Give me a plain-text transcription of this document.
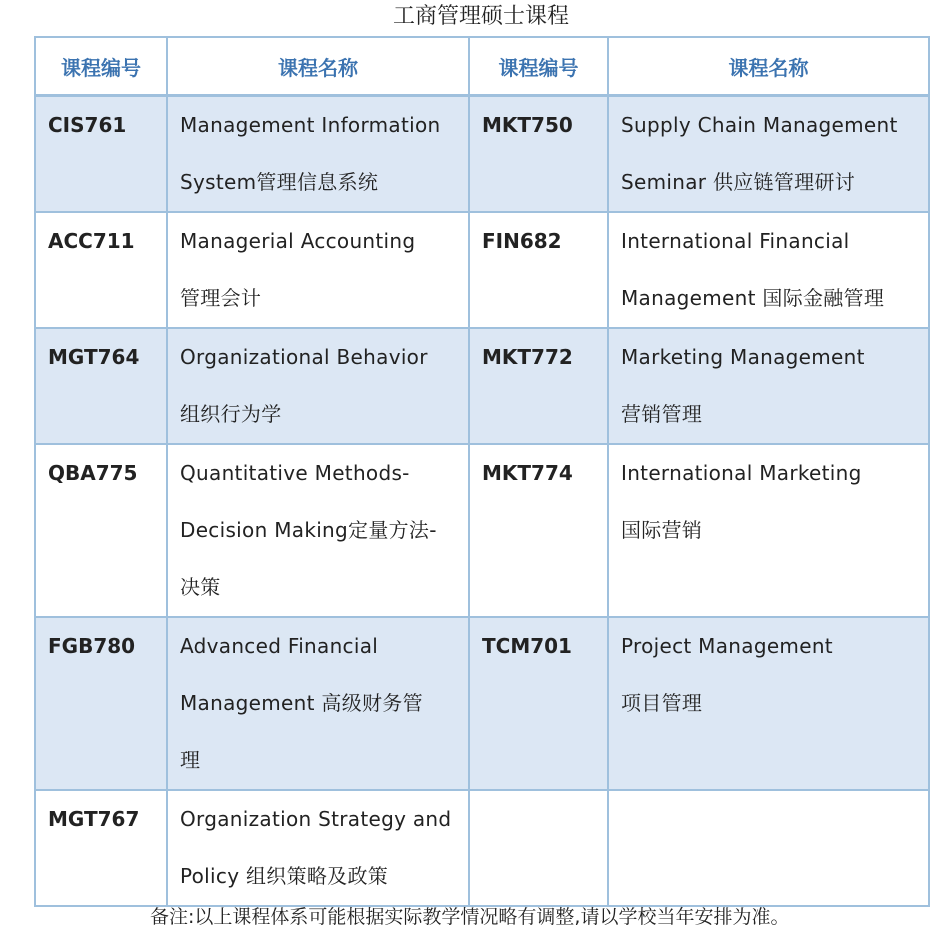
工商管理硕士课程
课程编号	课程名称	课程编号	课程名称
CIS761	Management Information
System管理信息系统	MKT750	Supply Chain Management
Seminar 供应链管理研讨

ACC711	Managerial Accounting
管理会计	FIN682	International Financial
Management 国际金融管理

MGT764	Organizational Behavior
组织行为学	MKT772	Marketing Management
营销管理

QBA775	Quantitative Methods-
Decision Making定量方法-
决策	MKT774	International Marketing
国际营销

FGB780	Advanced Financial
Management 高级财务管
理	TCM701	Project Management
项目管理

MGT767	Organization Strategy and
Policy 组织策略及政策		

备注:以上课程体系可能根据实际教学情况略有调整,请以学校当年安排为准。
